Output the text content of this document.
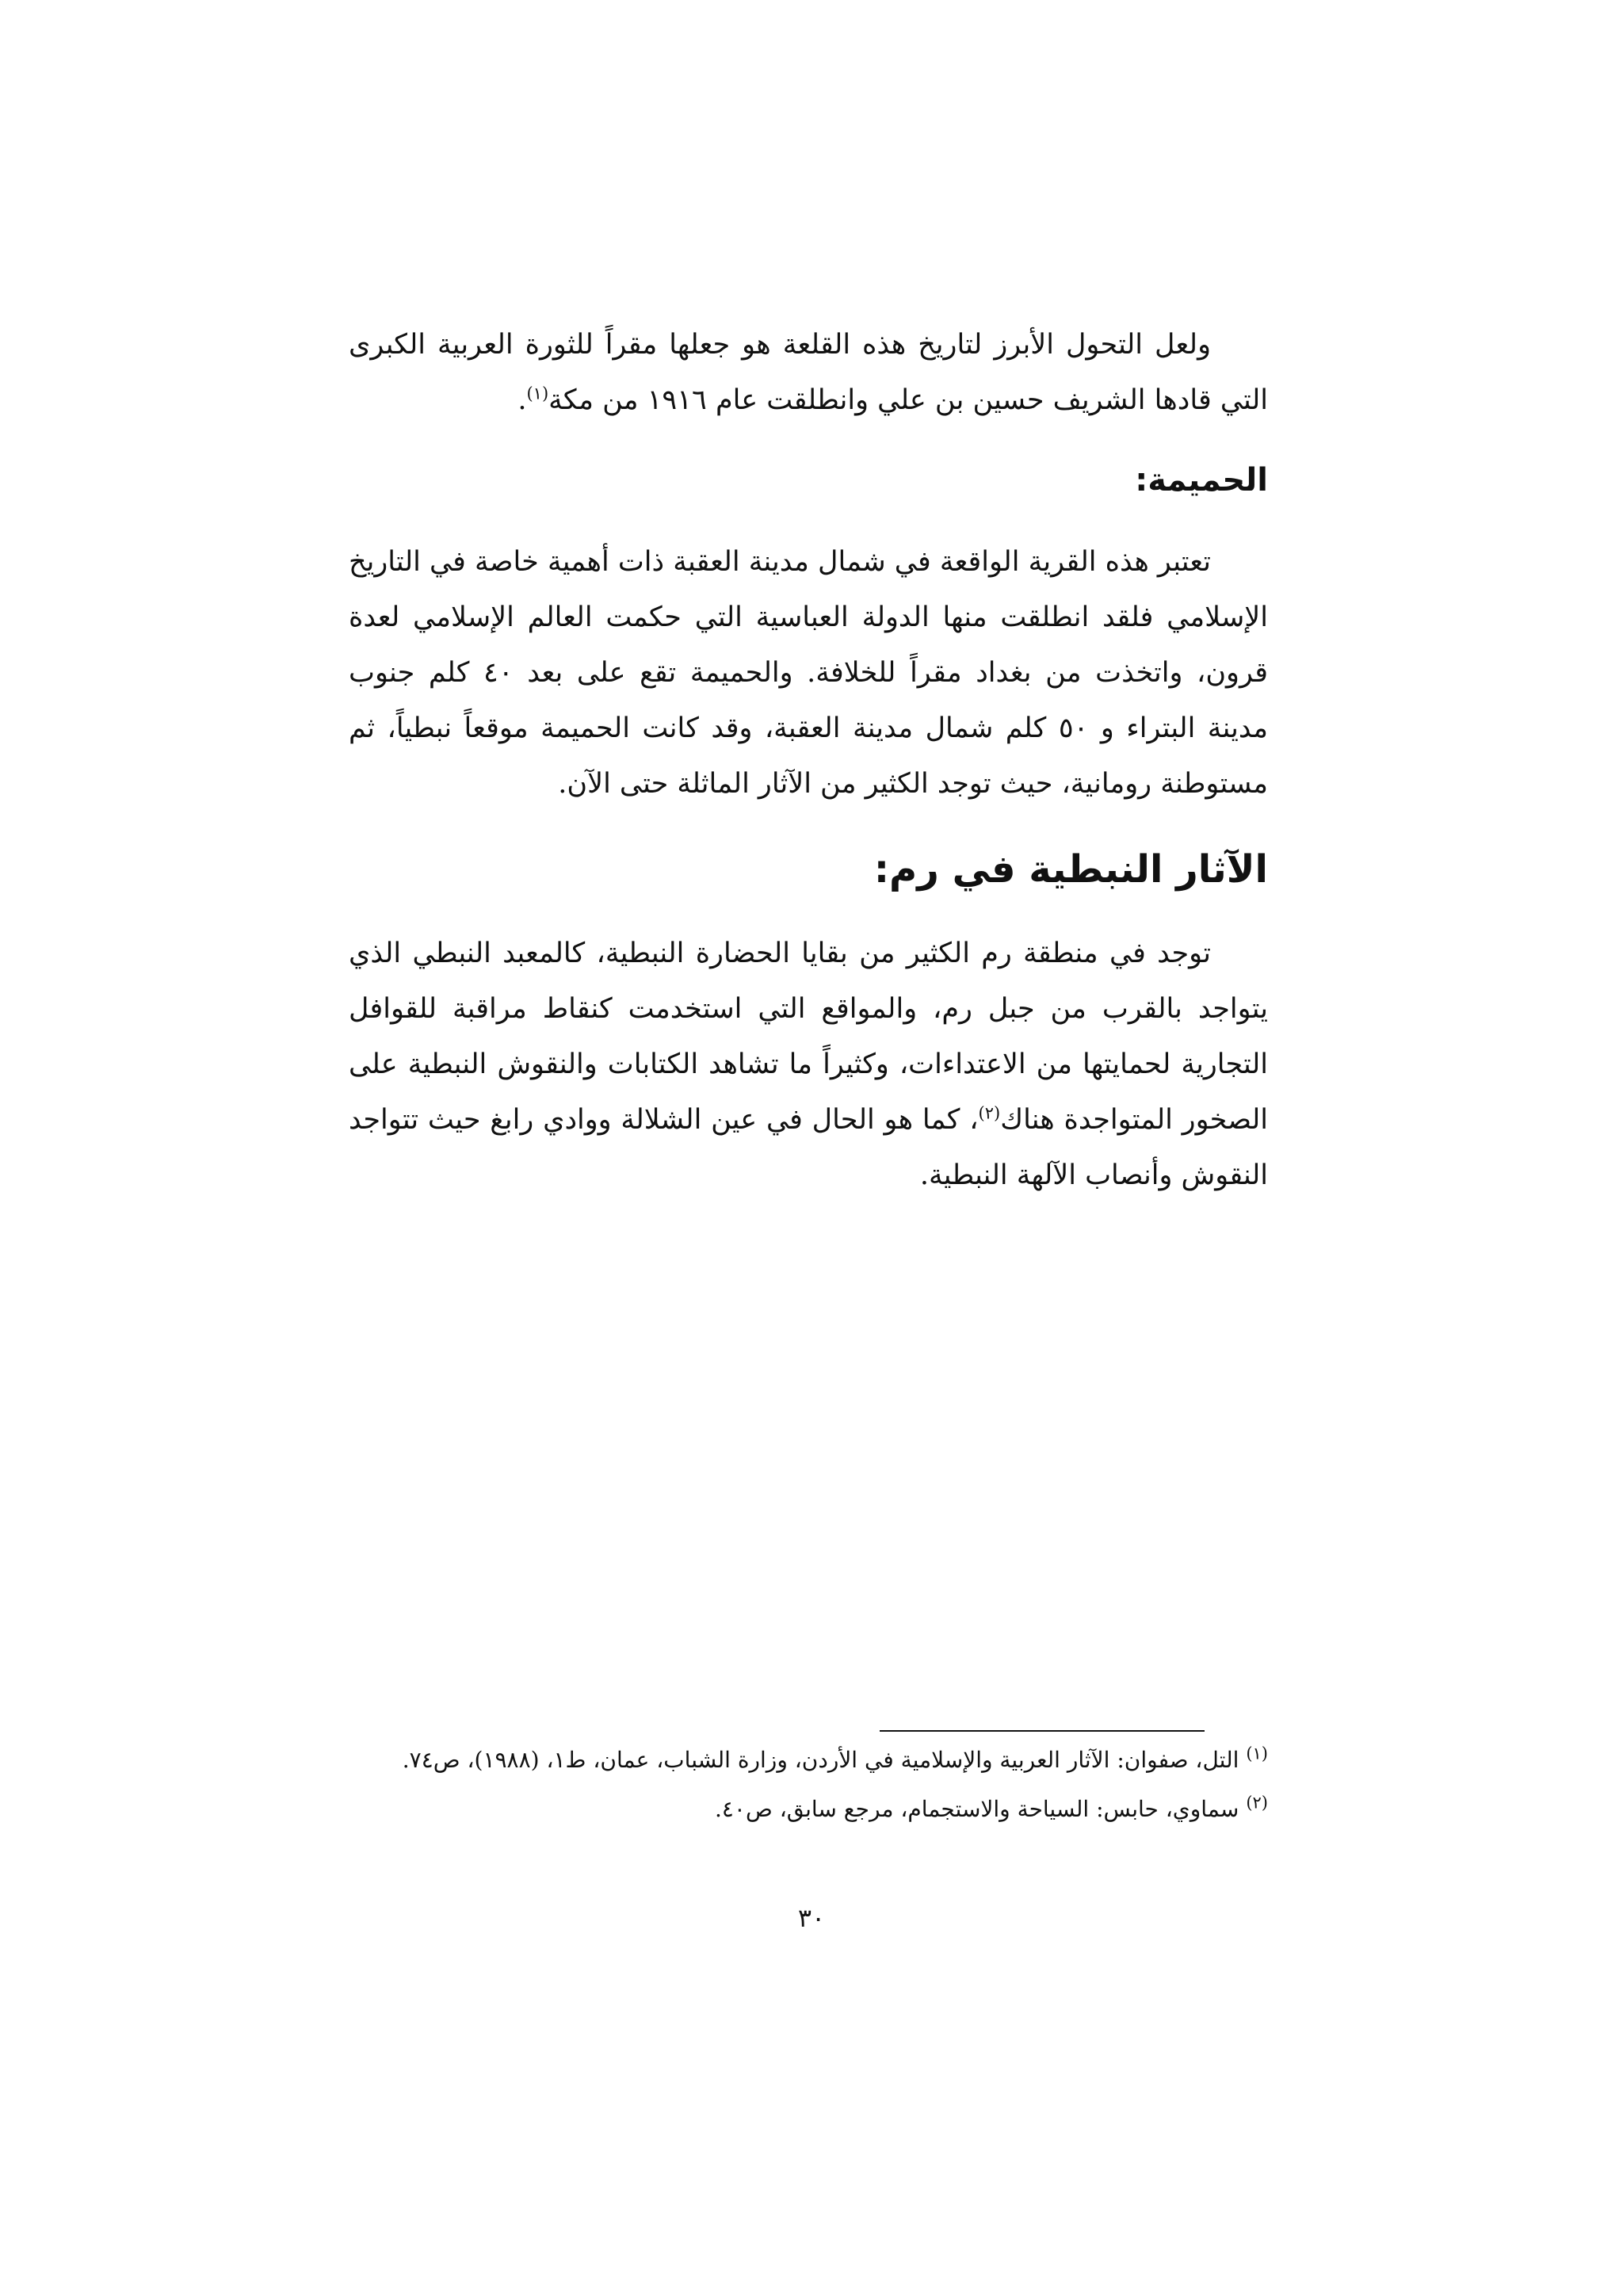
ولعل التحول الأبرز لتاريخ هذه القلعة هو جعلها مقراً للثورة العربية الكبرى التي قادها الشريف حسين بن علي وانطلقت عام ١٩١٦ من مكة$^{(١)}$.

الحميمة:

تعتبر هذه القرية الواقعة في شمال مدينة العقبة ذات أهمية خاصة في التاريخ الإسلامي فلقد انطلقت منها الدولة العباسية التي حكمت العالم الإسلامي لعدة قرون، واتخذت من بغداد مقراً للخلافة. والحميمة تقع على بعد ٤٠ كلم جنوب مدينة البتراء و ٥٠ كلم شمال مدينة العقبة، وقد كانت الحميمة موقعاً نبطياً، ثم مستوطنة رومانية، حيث توجد الكثير من الآثار الماثلة حتى الآن.

الآثار النبطية في رم:

توجد في منطقة رم الكثير من بقايا الحضارة النبطية، كالمعبد النبطي الذي يتواجد بالقرب من جبل رم، والمواقع التي استخدمت كنقاط مراقبة للقوافل التجارية لحمايتها من الاعتداءات، وكثيراً ما تشاهد الكتابات والنقوش النبطية على الصخور المتواجدة هناك$^{(٢)}$، كما هو الحال في عين الشلالة ووادي رابغ حيث تتواجد النقوش وأنصاب الآلهة النبطية.

$^{(١)}$ التل، صفوان: الآثار العربية والإسلامية في الأردن، وزارة الشباب، عمان، ط١، (١٩٨٨)، ص٧٤.

$^{(٢)}$ سماوي، حابس: السياحة والاستجمام، مرجع سابق، ص٤٠.

٣٠
